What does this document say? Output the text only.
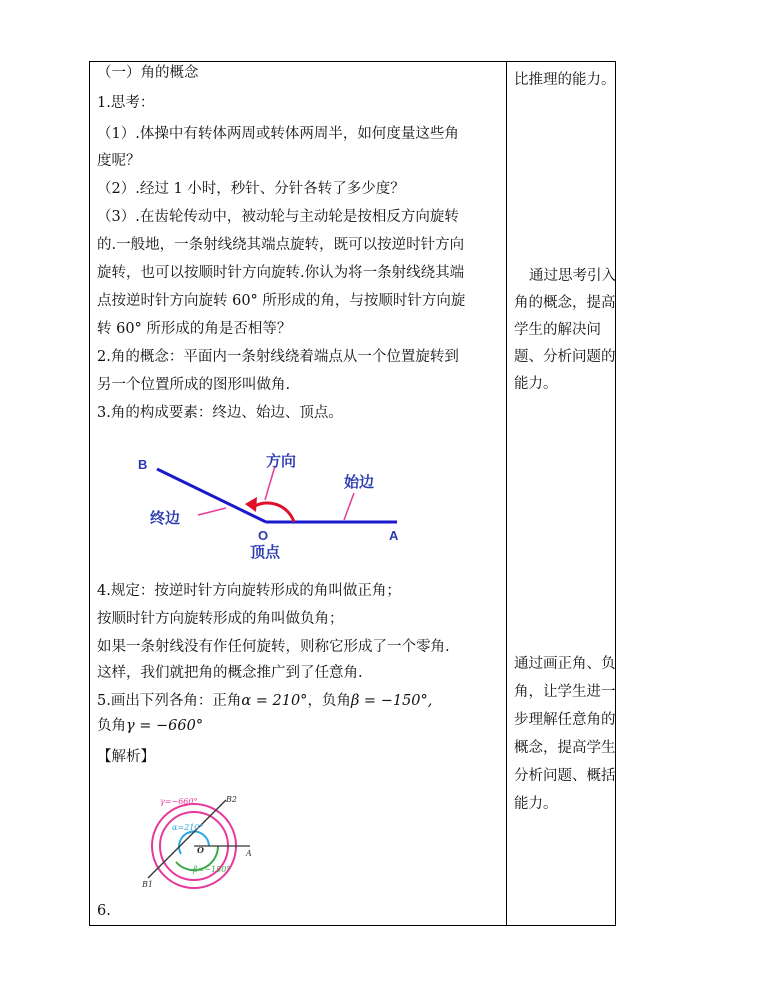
（一）角的概念
1.思考：
（1）.体操中有转体两周或转体两周半，如何度量这些角
度呢？
（2）.经过 1 小时，秒针、分针各转了多少度？
（3）.在齿轮传动中，被动轮与主动轮是按相反方向旋转
的.一般地，一条射线绕其端点旋转，既可以按逆时针方向
旋转，也可以按顺时针方向旋转.你认为将一条射线绕其端
点按逆时针方向旋转 60° 所形成的角，与按顺时针方向旋
转 60° 所形成的角是否相等？
2.角的概念：平面内一条射线绕着端点从一个位置旋转到
另一个位置所成的图形叫做角.
3.角的构成要素：终边、始边、顶点。
B
O	A
方向
始边
终边
顶点
4.规定：按逆时针方向旋转形成的角叫做正角；
按顺时针方向旋转形成的角叫做负角；
如果一条射线没有作任何旋转，则称它形成了一个零角.
这样，我们就把角的概念推广到了任意角.
5.画出下列各角：正角α = 210°，负角β = −150°,
负角γ = −660°
【解析】
γ=−660°
α=210°
β=−150°
O	A
B2
B1
6.
比推理的能力。
通过思考引入
角的概念，提高
学生的解决问
题、分析问题的
能力。
通过画正角、负
角，让学生进一
步理解任意角的
概念，提高学生
分析问题、概括
能力。
